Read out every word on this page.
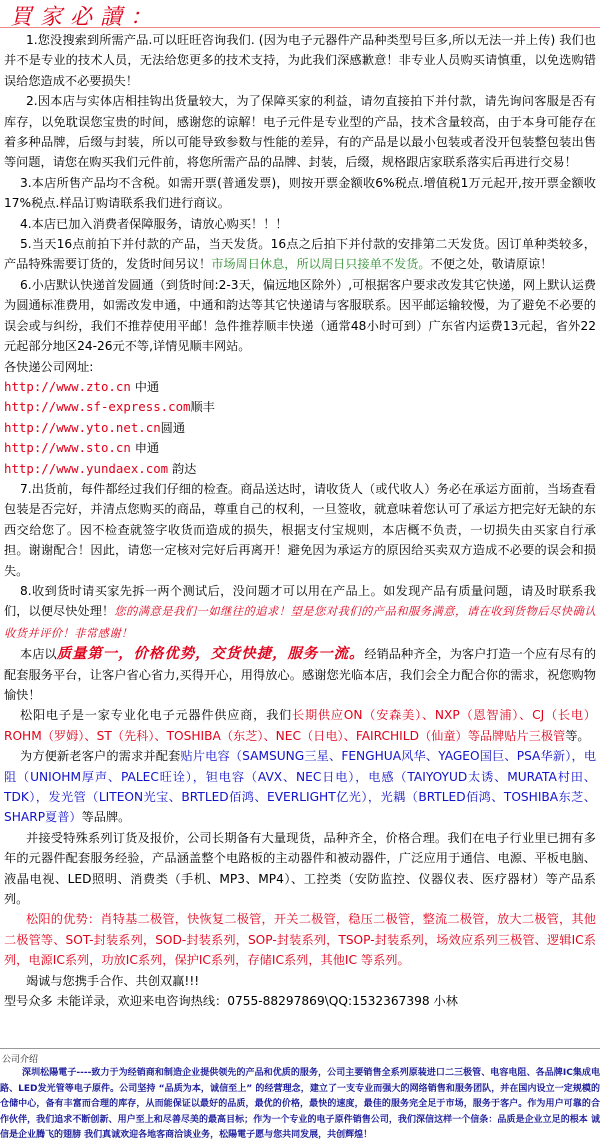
買家必讀：

1.您没搜索到所需产品.可以旺旺咨询我们. (因为电子元器件产品种类型号巨多,所以无法一并上传) 我们也并不是专业的技术人员，无法给您更多的技术支持，为此我们深感歉意！非专业人员购买请慎重，以免选购错误给您造成不必要损失！

2.因本店与实体店相挂钩出货量较大，为了保障买家的利益，请勿直接拍下并付款，请先询问客服是否有库存，以免耽误您宝贵的时间，感谢您的谅解！电子元件是专业型的产品，技术含量较高，由于本身可能存在着多种品牌，后缀与封装，所以可能导致参数与性能的差异，有的产品是以最小包装或者没开包装整包装出售等问题，请您在购买我们元件前，将您所需产品的品牌、封装，后缀，规格跟店家联系落实后再进行交易！

3.本店所售产品均不含税。如需开票(普通发票)，则按开票金额收6%税点.增值税1万元起开,按开票金额收17%税点.样品订购请联系我们进行商议。

4.本店已加入消费者保障服务，请放心购买！！！

5.当天16点前拍下并付款的产品，当天发货。16点之后拍下并付款的安排第二天发货。因订单种类较多，产品特殊需要订货的，发货时间另议！市场周日休息，所以周日只接单不发货。不便之处，敬请原谅！

6.小店默认快递首发圆通（到货时间:2-3天，偏远地区除外）,可根据客户要求改发其它快递，网上默认运费为圆通标准费用，如需改发申通，中通和韵达等其它快递请与客服联系。因平邮运输较慢，为了避免不必要的误会或与纠纷，我们不推荐使用平邮！急件推荐顺丰快递（通常48小时可到）广东省内运费13元起，省外22元起部分地区24-26元不等,详情见顺丰网站。

各快递公司网址:

http://www.zto.cn 中通

http://www.sf-express.com顺丰

http://www.yto.net.cn圆通

http://www.sto.cn 申通

http://www.yundaex.com 韵达

7.出货前，每件都经过我们仔细的检查。商品送达时，请收货人（或代收人）务必在承运方面前，当场查看包装是否完好，并清点您购买的商品，尊重自己的权利，一旦签收，就意味着您认可了承运方把完好无缺的东西交给您了。因不检查就签字收货而造成的损失，根据支付宝规则，本店概不负责，一切损失由买家自行承担。谢谢配合！因此，请您一定核对完好后再离开！避免因为承运方的原因给买卖双方造成不必要的误会和损失。

8.收到货时请买家先拆一两个测试后，没问题才可以用在产品上。如发现产品有质量问题，请及时联系我们，以便尽快处理！您的满意是我们一如继往的追求！望是您对我们的产品和服务满意，请在收到货物后尽快确认收货并评价！非常感谢！

本店以质量第一，价格优势，交货快捷，服务一流。经销品种齐全，为客户打造一个应有尽有的配套服务平台，让客户省心省力,买得开心，用得放心。感谢您光临本店，我们会全力配合你的需求，祝您购物愉快！

松阳电子是一家专业化电子元器件供应商，我们长期供应ON（安森美）、NXP（恩智浦）、CJ（长电）ROHM（罗姆）、ST（先科）、TOSHIBA（东芝）、NEC（日电）、FAIRCHILD（仙童）等品牌贴片三极管等。

为方便新老客户的需求并配套贴片电容（SAMSUNG三星、FENGHUA风华、YAGEO国巨、PSA华新），电阻（UNIOHM厚声、PALEC旺诠），钽电容（AVX、NEC日电），电感（TAIYOYUD太诱、MURATA村田、TDK），发光管（LITEON光宝、BRTLED佰鸿、EVERLIGHT亿光），光耦（BRTLED佰鸿、TOSHIBA东芝、SHARP夏普）等品牌。

并接受特殊系列订货及报价，公司长期备有大量现货，品种齐全，价格合理。我们在电子行业里已拥有多年的元器件配套服务经验，产品涵盖整个电路板的主动器件和被动器件，广泛应用于通信、电源、平板电脑、液晶电视、LED照明、消费类（手机、MP3、MP4）、工控类（安防监控、仪器仪表、医疗器材）等产品系列。

松阳的优势：肖特基二极管，快恢复二极管，开关二极管，稳压二极管，整流二极管，放大二极管，其他二极管等、SOT-封装系列，SOD-封装系列，SOP-封装系列，TSOP-封装系列，场效应系列三极管、逻辑IC系列，电源IC系列，功放IC系列，保护IC系列，存储IC系列，其他IC 等系列。

竭诚与您携手合作、共创双赢!!!

型号众多 未能详录，欢迎来电咨询热线：0755-88297869\QQ:1532367398 小林

公司介绍

深圳松陽電子----致力于为经销商和制造企业提供领先的产品和优质的服务，公司主要销售全系列原装进口二三极管、电容电阻、各品牌IC集成电路、LED发光管等电子原件。公司坚持 “品质为本，诚信至上” 的经营理念，建立了一支专业而强大的网络销售和服务团队，并在国内设立一定规模的仓储中心，备有丰富而合理的库存，从而能保证以最好的品质，最优的价格，最快的速度，最佳的服务完全足于市场，服务于客户。作为用户可靠的合作伙伴，我们追求不断创新、用户至上和尽善尽美的最高目标；作为一个专业的电子原件销售公司，我们深信这样一个信条：品质是企业立足的根本 诚信是企业腾飞的翅膀 我们真诚欢迎各地客商洽谈业务，松陽電子愿与您共同发展，共创辉煌！
